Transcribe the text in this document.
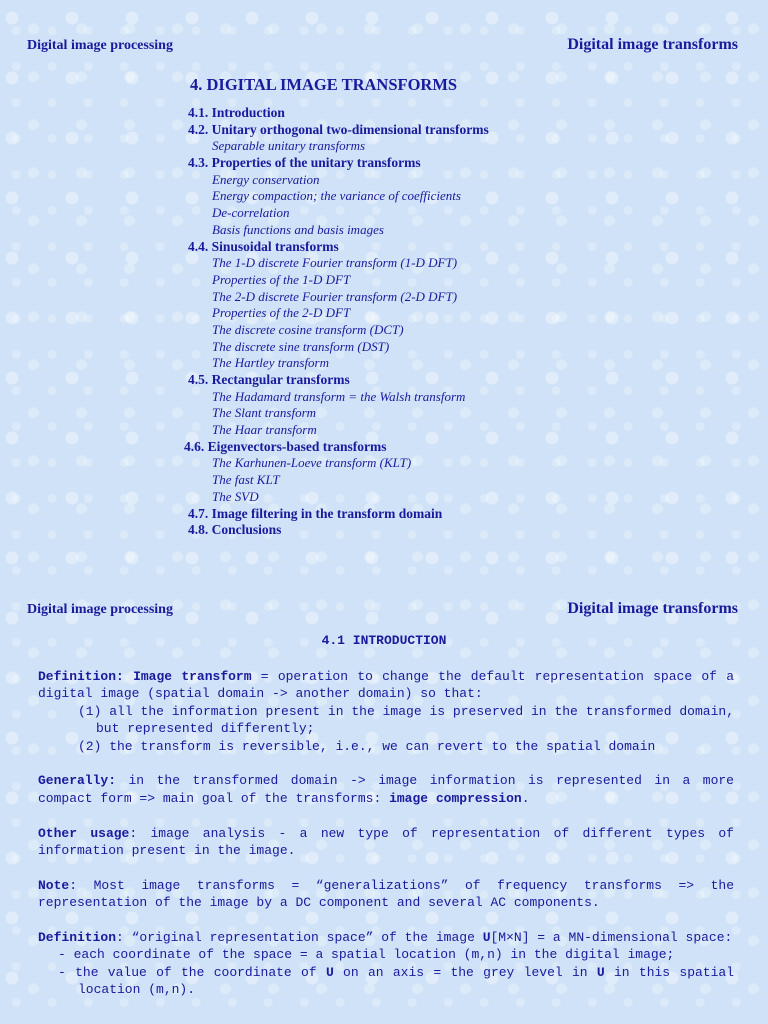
Digital image processing	Digital image transforms
4. DIGITAL IMAGE TRANSFORMS
4.1. Introduction
4.2. Unitary orthogonal two-dimensional transforms
Separable unitary transforms
4.3. Properties of the unitary transforms
Energy conservation
Energy compaction; the variance of coefficients
De-correlation
Basis functions and basis images
4.4. Sinusoidal transforms
The 1-D discrete Fourier transform (1-D DFT)
Properties of the 1-D DFT
The 2-D discrete Fourier transform (2-D DFT)
Properties of the 2-D DFT
The discrete cosine transform (DCT)
The discrete sine transform (DST)
The Hartley transform
4.5. Rectangular transforms
The Hadamard transform = the Walsh transform
The Slant transform
The Haar transform
4.6. Eigenvectors-based transforms
The Karhunen-Loeve transform (KLT)
The fast KLT
The SVD
4.7. Image filtering in the transform domain
4.8. Conclusions
Digital image processing	Digital image transforms
4.1 INTRODUCTION
Definition: Image transform = operation to change the default representation space of a digital image (spatial domain -> another domain) so that:
(1) all the information present in the image is preserved in the transformed domain, but represented differently;
(2) the transform is reversible, i.e., we can revert to the spatial domain
Generally: in the transformed domain -> image information is represented in a more compact form => main goal of the transforms: image compression.
Other usage: image analysis - a new type of representation of different types of information present in the image.
Note: Most image transforms = “generalizations” of frequency transforms => the representation of the image by a DC component and several AC components.
Definition: “original representation space” of the image U[M×N] = a MN-dimensional space:
- each coordinate of the space = a spatial location (m,n) in the digital image;
- the value of the coordinate of U on an axis = the grey level in U in this spatial location (m,n).
